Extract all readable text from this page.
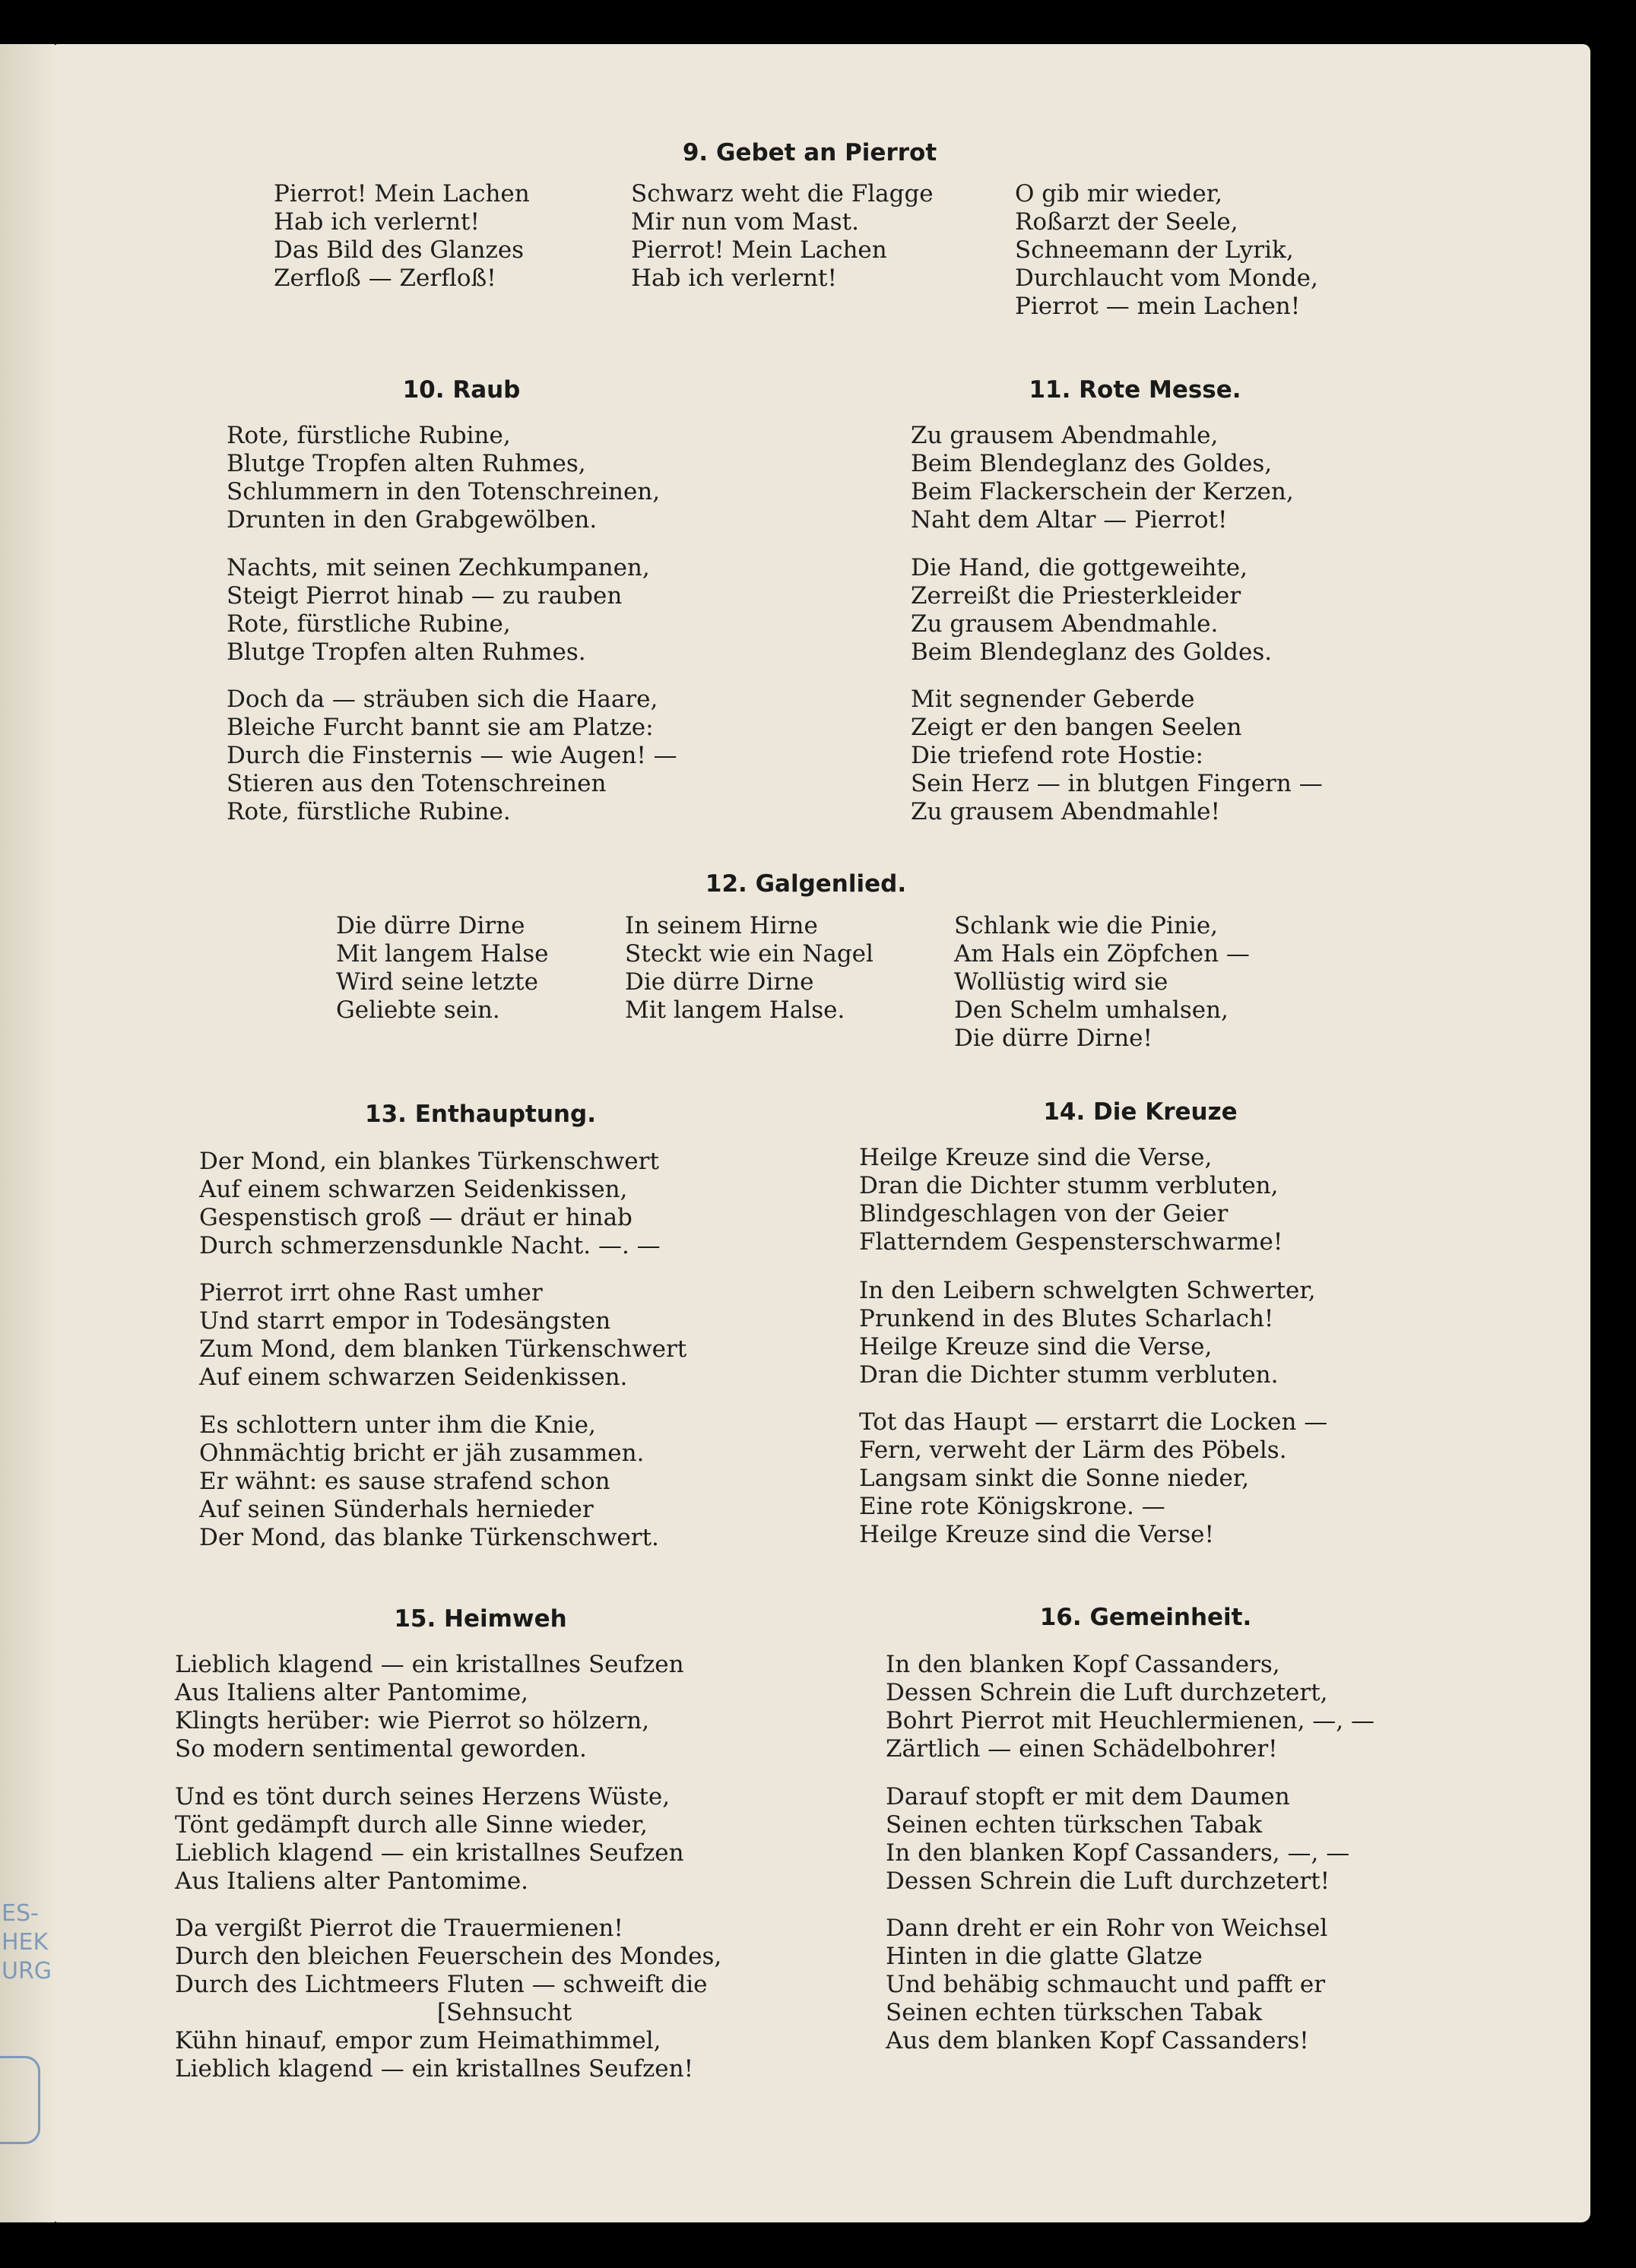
9. Gebet an Pierrot
Pierrot! Mein Lachen
Hab ich verlernt!
Das Bild des Glanzes
Zerfloß — Zerfloß!
Schwarz weht die Flagge
Mir nun vom Mast.
Pierrot! Mein Lachen
Hab ich verlernt!
O gib mir wieder,
Roßarzt der Seele,
Schneemann der Lyrik,
Durchlaucht vom Monde,
Pierrot — mein Lachen!
10. Raub
Rote, fürstliche Rubine,
Blutge Tropfen alten Ruhmes,
Schlummern in den Totenschreinen,
Drunten in den Grabgewölben.
Nachts, mit seinen Zechkumpanen,
Steigt Pierrot hinab — zu rauben
Rote, fürstliche Rubine,
Blutge Tropfen alten Ruhmes.
Doch da — sträuben sich die Haare,
Bleiche Furcht bannt sie am Platze:
Durch die Finsternis — wie Augen! —
Stieren aus den Totenschreinen
Rote, fürstliche Rubine.
11. Rote Messe.
Zu grausem Abendmahle,
Beim Blendeglanz des Goldes,
Beim Flackerschein der Kerzen,
Naht dem Altar — Pierrot!
Die Hand, die gottgeweihte,
Zerreißt die Priesterkleider
Zu grausem Abendmahle.
Beim Blendeglanz des Goldes.
Mit segnender Geberde
Zeigt er den bangen Seelen
Die triefend rote Hostie:
Sein Herz — in blutgen Fingern —
Zu grausem Abendmahle!
12. Galgenlied.
Die dürre Dirne
Mit langem Halse
Wird seine letzte
Geliebte sein.
In seinem Hirne
Steckt wie ein Nagel
Die dürre Dirne
Mit langem Halse.
Schlank wie die Pinie,
Am Hals ein Zöpfchen —
Wollüstig wird sie
Den Schelm umhalsen,
Die dürre Dirne!
13. Enthauptung.
Der Mond, ein blankes Türkenschwert
Auf einem schwarzen Seidenkissen,
Gespenstisch groß — dräut er hinab
Durch schmerzensdunkle Nacht. —. —
Pierrot irrt ohne Rast umher
Und starrt empor in Todesängsten
Zum Mond, dem blanken Türkenschwert
Auf einem schwarzen Seidenkissen.
Es schlottern unter ihm die Knie,
Ohnmächtig bricht er jäh zusammen.
Er wähnt: es sause strafend schon
Auf seinen Sünderhals hernieder
Der Mond, das blanke Türkenschwert.
14. Die Kreuze
Heilge Kreuze sind die Verse,
Dran die Dichter stumm verbluten,
Blindgeschlagen von der Geier
Flatterndem Gespensterschwarme!
In den Leibern schwelgten Schwerter,
Prunkend in des Blutes Scharlach!
Heilge Kreuze sind die Verse,
Dran die Dichter stumm verbluten.
Tot das Haupt — erstarrt die Locken —
Fern, verweht der Lärm des Pöbels.
Langsam sinkt die Sonne nieder,
Eine rote Königskrone. —
Heilge Kreuze sind die Verse!
15. Heimweh
Lieblich klagend — ein kristallnes Seufzen
Aus Italiens alter Pantomime,
Klingts herüber: wie Pierrot so hölzern,
So modern sentimental geworden.
Und es tönt durch seines Herzens Wüste,
Tönt gedämpft durch alle Sinne wieder,
Lieblich klagend — ein kristallnes Seufzen
Aus Italiens alter Pantomime.
Da vergißt Pierrot die Trauermienen!
Durch den bleichen Feuerschein des Mondes,
Durch des Lichtmeers Fluten — schweift die
[Sehnsucht
Kühn hinauf, empor zum Heimathimmel,
Lieblich klagend — ein kristallnes Seufzen!
16. Gemeinheit.
In den blanken Kopf Cassanders,
Dessen Schrein die Luft durchzetert,
Bohrt Pierrot mit Heuchlermienen, —, —
Zärtlich — einen Schädelbohrer!
Darauf stopft er mit dem Daumen
Seinen echten türkschen Tabak
In den blanken Kopf Cassanders, —, —
Dessen Schrein die Luft durchzetert!
Dann dreht er ein Rohr von Weichsel
Hinten in die glatte Glatze
Und behäbig schmaucht und pafft er
Seinen echten türkschen Tabak
Aus dem blanken Kopf Cassanders!
ES-
HEK
URG
